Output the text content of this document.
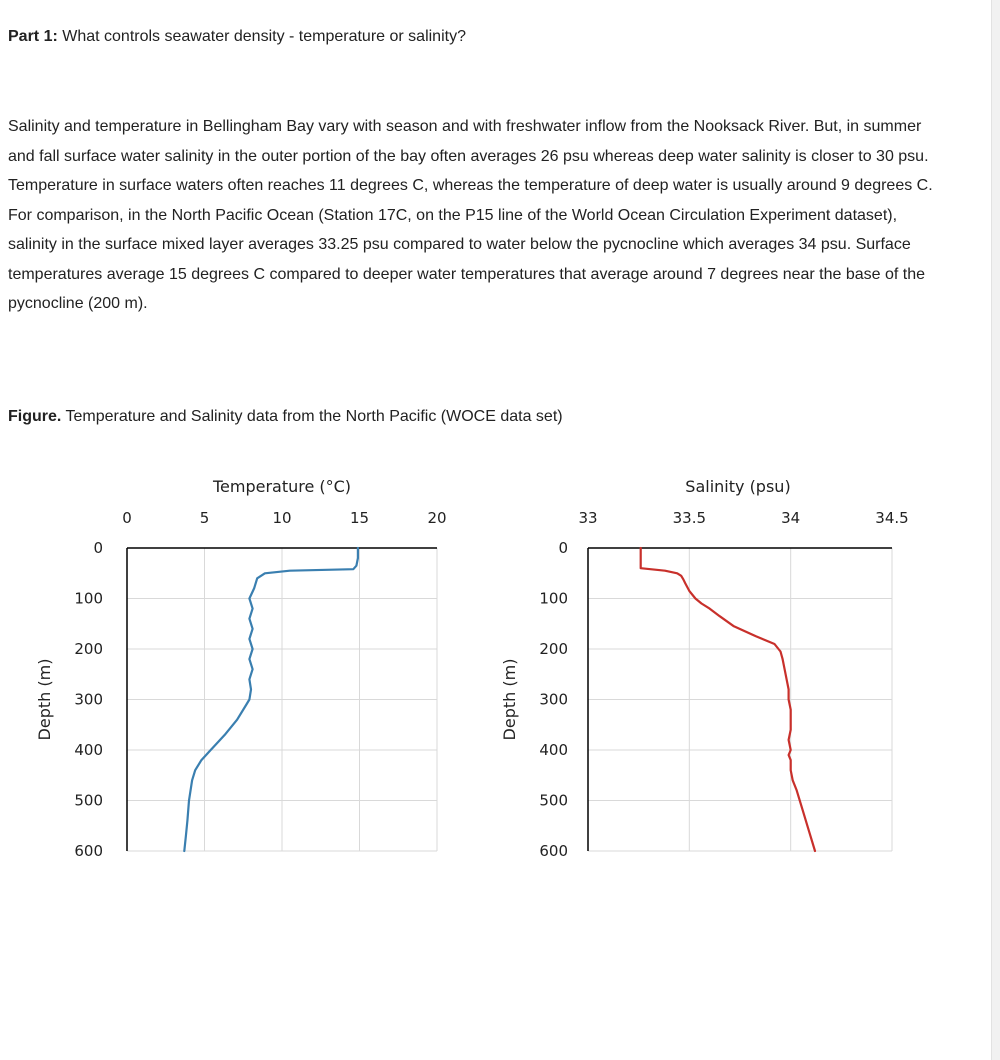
Part 1: What controls seawater density - temperature or salinity?

Salinity and temperature in Bellingham Bay vary with season and with freshwater inflow from the Nooksack River. But, in summer and fall surface water salinity in the outer portion of the bay often averages 26 psu whereas deep water salinity is closer to 30 psu. Temperature in surface waters often reaches 11 degrees C, whereas the temperature of deep water is usually around 9 degrees C. For comparison, in the North Pacific Ocean (Station 17C, on the P15 line of the World Ocean Circulation Experiment dataset), salinity in the surface mixed layer averages 33.25 psu compared to water below the pycnocline which averages 34 psu. Surface temperatures average 15 degrees C compared to deeper water temperatures that average around 7 degrees near the base of the pycnocline (200 m).

Figure. Temperature and Salinity data from the North Pacific (WOCE data set)

Temperature (°C)
0	5	10	15	20
0
100
200
300
400
500
600
Depth (m)
Salinity (psu)
33	33.5	34	34.5
0
100
200
300
400
500
600
Depth (m)
